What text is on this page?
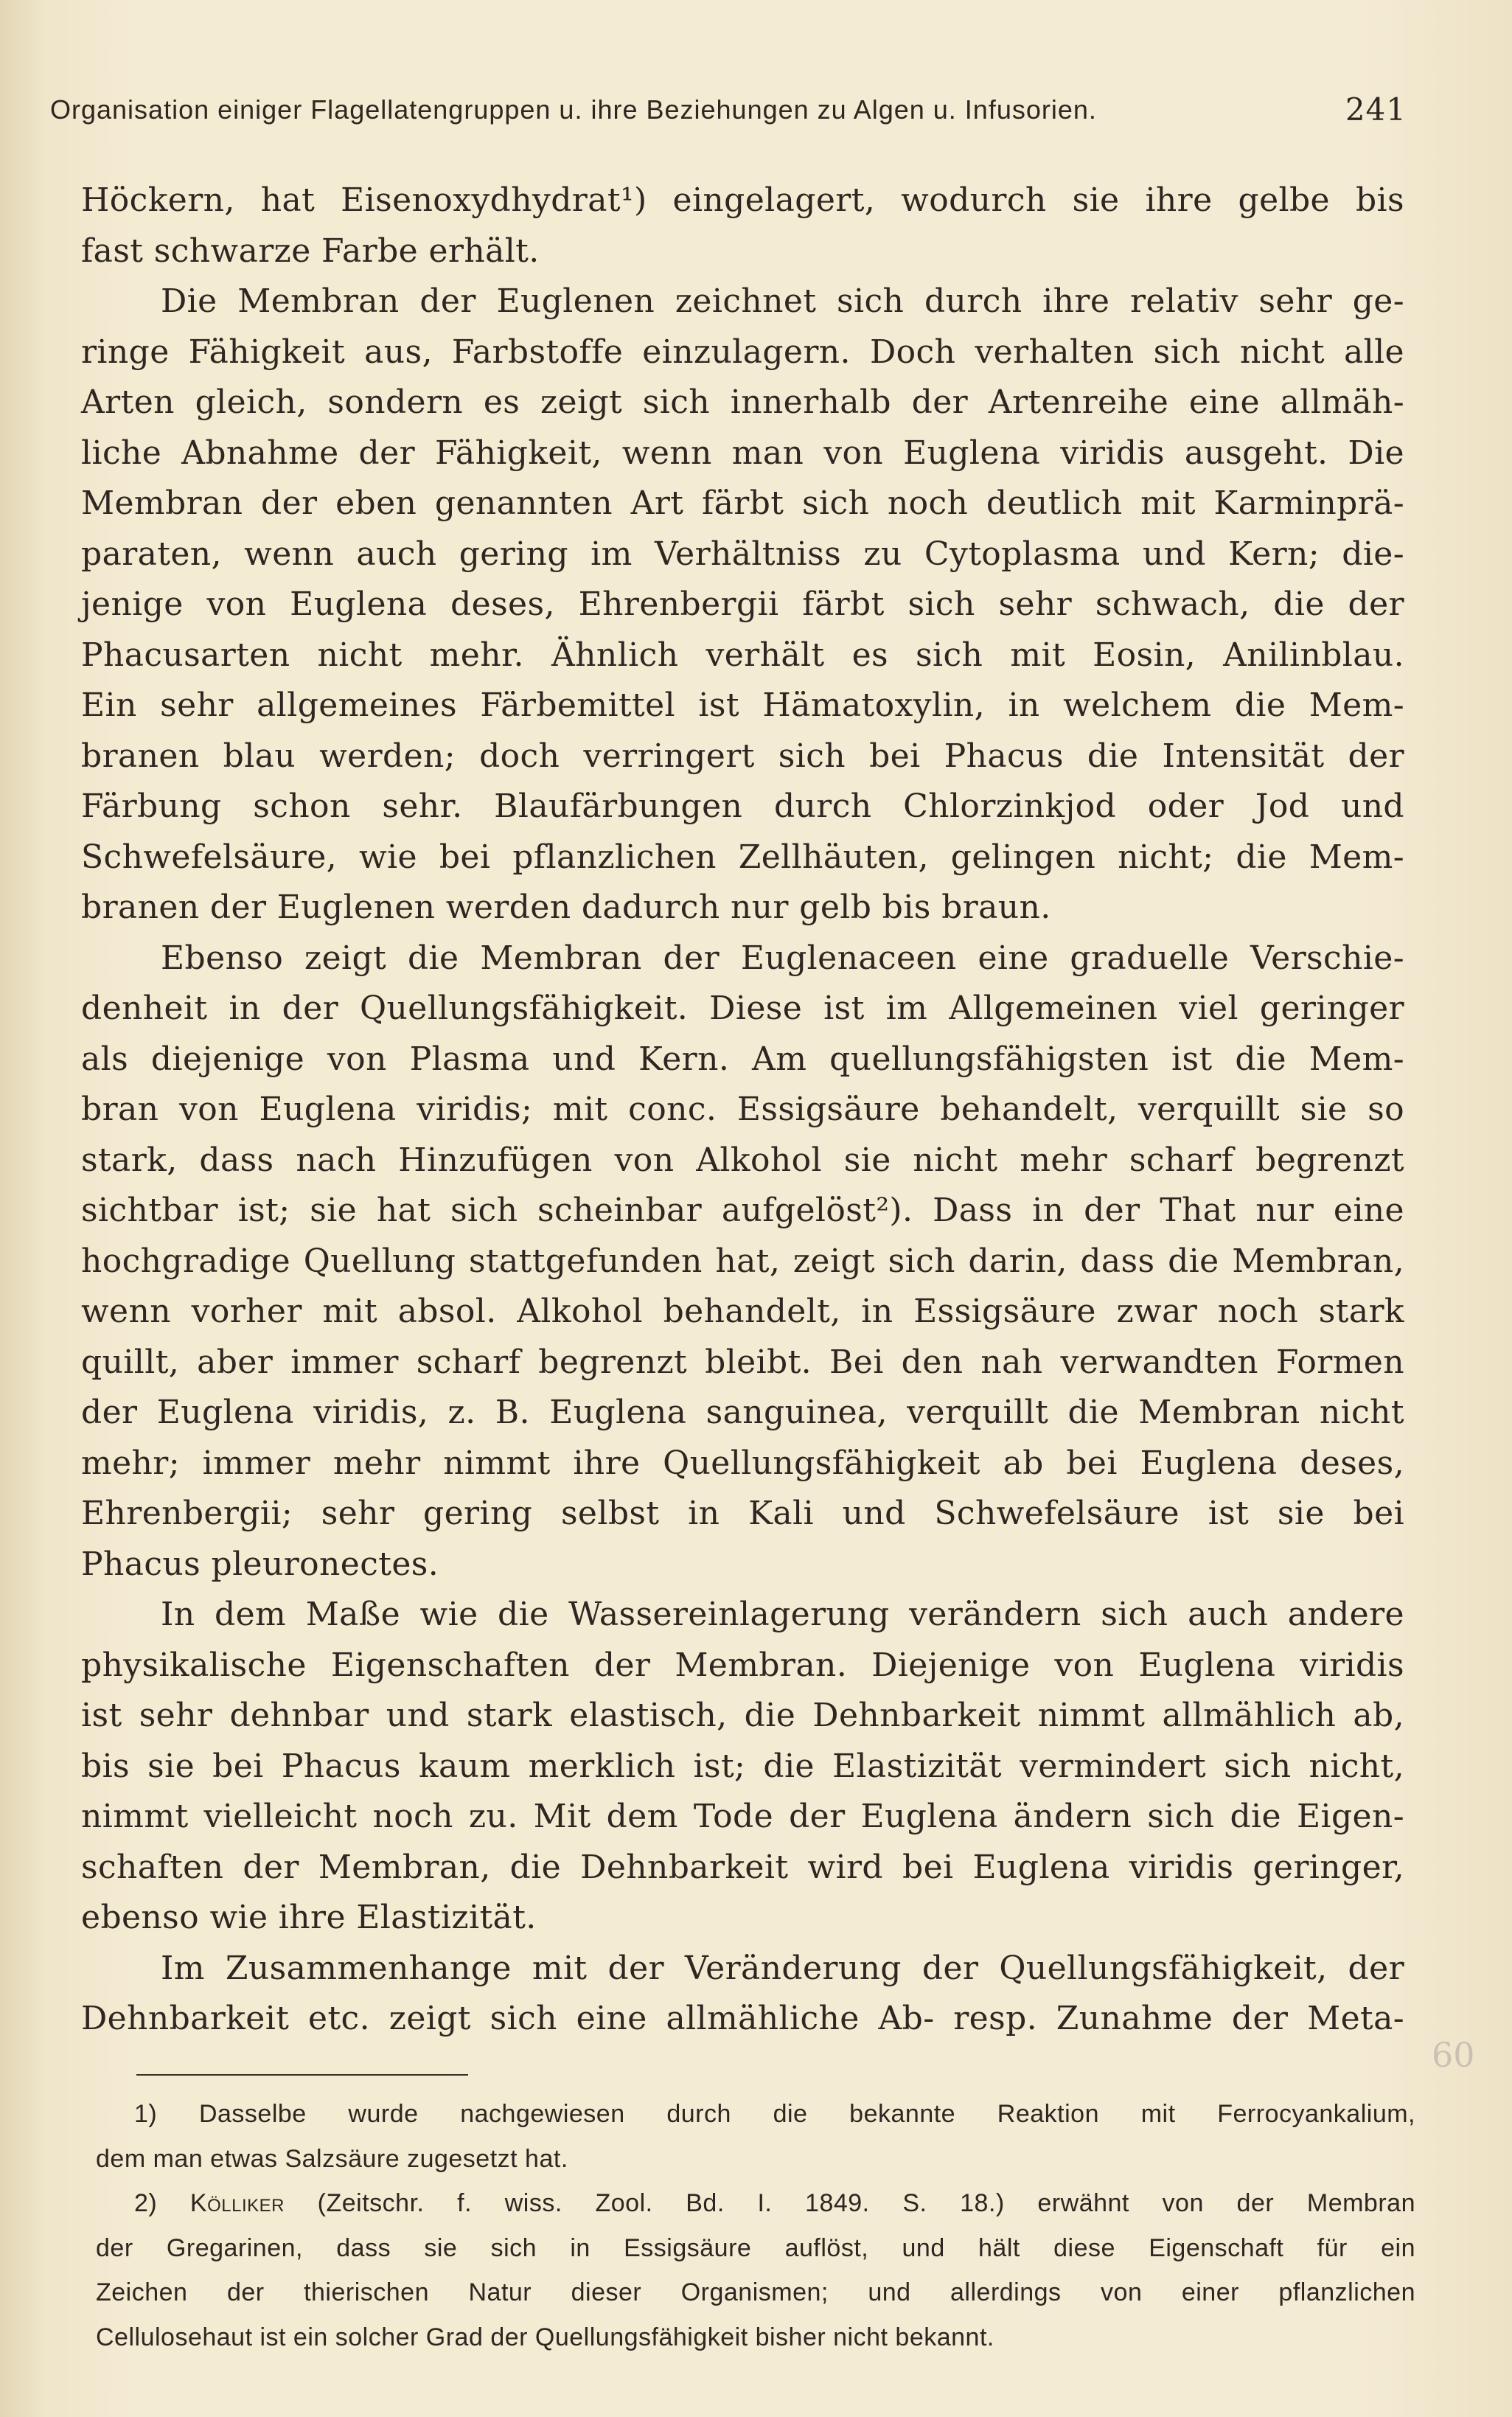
Organisation einiger Flagellatengruppen u. ihre Beziehungen zu Algen u. Infusorien.	241
Höckern, hat Eisenoxydhydrat¹) eingelagert, wodurch sie ihre gelbe bis
fast schwarze Farbe erhält.
Die Membran der Euglenen zeichnet sich durch ihre relativ sehr ge-
ringe Fähigkeit aus, Farbstoffe einzulagern. Doch verhalten sich nicht alle
Arten gleich, sondern es zeigt sich innerhalb der Artenreihe eine allmäh-
liche Abnahme der Fähigkeit, wenn man von Euglena viridis ausgeht. Die
Membran der eben genannten Art färbt sich noch deutlich mit Karminprä-
paraten, wenn auch gering im Verhältniss zu Cytoplasma und Kern; die-
jenige von Euglena deses, Ehrenbergii färbt sich sehr schwach, die der
Phacusarten nicht mehr. Ähnlich verhält es sich mit Eosin, Anilinblau.
Ein sehr allgemeines Färbemittel ist Hämatoxylin, in welchem die Mem-
branen blau werden; doch verringert sich bei Phacus die Intensität der
Färbung schon sehr. Blaufärbungen durch Chlorzinkjod oder Jod und
Schwefelsäure, wie bei pflanzlichen Zellhäuten, gelingen nicht; die Mem-
branen der Euglenen werden dadurch nur gelb bis braun.
Ebenso zeigt die Membran der Euglenaceen eine graduelle Verschie-
denheit in der Quellungsfähigkeit. Diese ist im Allgemeinen viel geringer
als diejenige von Plasma und Kern. Am quellungsfähigsten ist die Mem-
bran von Euglena viridis; mit conc. Essigsäure behandelt, verquillt sie so
stark, dass nach Hinzufügen von Alkohol sie nicht mehr scharf begrenzt
sichtbar ist; sie hat sich scheinbar aufgelöst²). Dass in der That nur eine
hochgradige Quellung stattgefunden hat, zeigt sich darin, dass die Membran,
wenn vorher mit absol. Alkohol behandelt, in Essigsäure zwar noch stark
quillt, aber immer scharf begrenzt bleibt. Bei den nah verwandten Formen
der Euglena viridis, z. B. Euglena sanguinea, verquillt die Membran nicht
mehr; immer mehr nimmt ihre Quellungsfähigkeit ab bei Euglena deses,
Ehrenbergii; sehr gering selbst in Kali und Schwefelsäure ist sie bei
Phacus pleuronectes.
In dem Maße wie die Wassereinlagerung verändern sich auch andere
physikalische Eigenschaften der Membran. Diejenige von Euglena viridis
ist sehr dehnbar und stark elastisch, die Dehnbarkeit nimmt allmählich ab,
bis sie bei Phacus kaum merklich ist; die Elastizität vermindert sich nicht,
nimmt vielleicht noch zu. Mit dem Tode der Euglena ändern sich die Eigen-
schaften der Membran, die Dehnbarkeit wird bei Euglena viridis geringer,
ebenso wie ihre Elastizität.
Im Zusammenhange mit der Veränderung der Quellungsfähigkeit, der
Dehnbarkeit etc. zeigt sich eine allmähliche Ab- resp. Zunahme der Meta-
1) Dasselbe wurde nachgewiesen durch die bekannte Reaktion mit Ferrocyankalium,
dem man etwas Salzsäure zugesetzt hat.
2) Kölliker (Zeitschr. f. wiss. Zool. Bd. I. 1849. S. 18.) erwähnt von der Membran
der Gregarinen, dass sie sich in Essigsäure auflöst, und hält diese Eigenschaft für ein
Zeichen der thierischen Natur dieser Organismen; und allerdings von einer pflanzlichen
Cellulosehaut ist ein solcher Grad der Quellungsfähigkeit bisher nicht bekannt.
60
